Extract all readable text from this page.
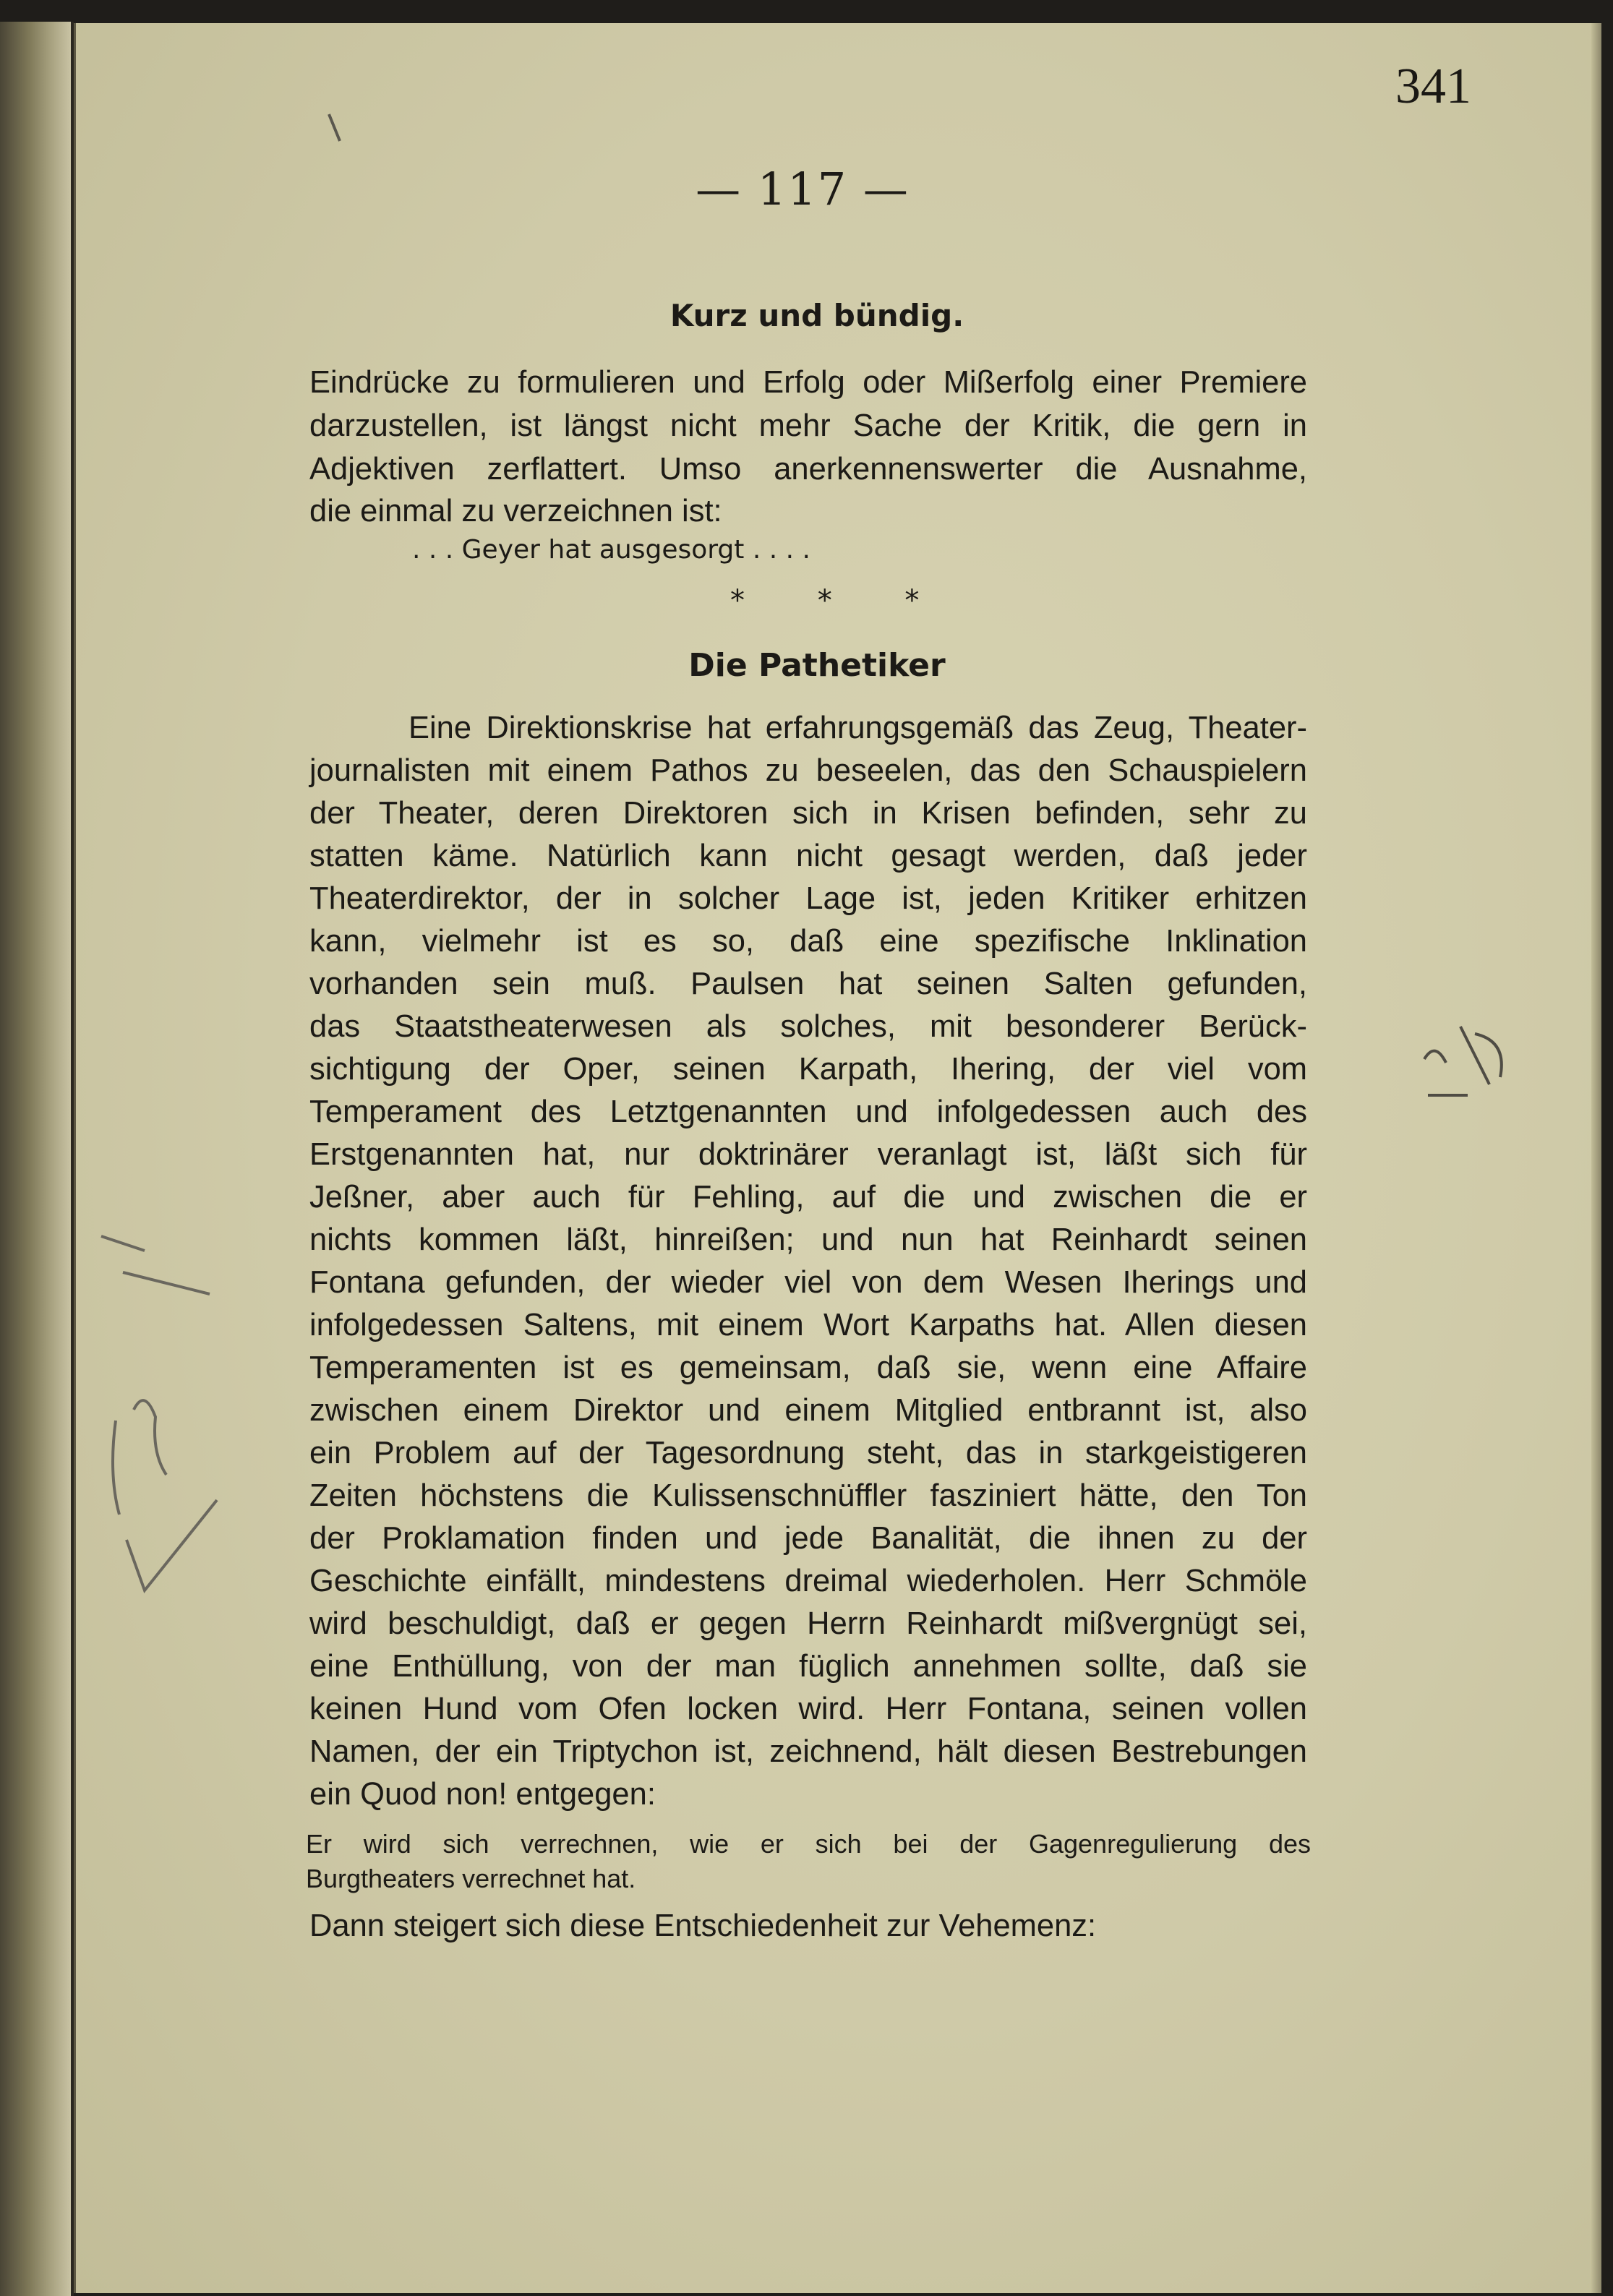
341
— 117 —
Kurz und bündig.
Eindrücke zu formulieren und Erfolg oder Mißerfolg einer Premiere
darzustellen, ist längst nicht mehr Sache der Kritik, die gern in
Adjektiven zerflattert. Umso anerkennenswerter die Ausnahme,
die einmal zu verzeichnen ist:
. . . Geyer hat ausgesorgt . . . .
* * *
Die Pathetiker
Eine Direktionskrise hat erfahrungsgemäß das Zeug, Theater-
journalisten mit einem Pathos zu beseelen, das den Schauspielern
der Theater, deren Direktoren sich in Krisen befinden, sehr zu
statten käme. Natürlich kann nicht gesagt werden, daß jeder
Theaterdirektor, der in solcher Lage ist, jeden Kritiker erhitzen
kann, vielmehr ist es so, daß eine spezifische Inklination
vorhanden sein muß. Paulsen hat seinen Salten gefunden,
das Staatstheaterwesen als solches, mit besonderer Berück-
sichtigung der Oper, seinen Karpath, Ihering, der viel vom
Temperament des Letztgenannten und infolgedessen auch des
Erstgenannten hat, nur doktrinärer veranlagt ist, läßt sich für
Jeßner, aber auch für Fehling, auf die und zwischen die er
nichts kommen läßt, hinreißen; und nun hat Reinhardt seinen
Fontana gefunden, der wieder viel von dem Wesen Iherings und
infolgedessen Saltens, mit einem Wort Karpaths hat. Allen diesen
Temperamenten ist es gemeinsam, daß sie, wenn eine Affaire
zwischen einem Direktor und einem Mitglied entbrannt ist, also
ein Problem auf der Tagesordnung steht, das in starkgeistigeren
Zeiten höchstens die Kulissenschnüffler fasziniert hätte, den Ton
der Proklamation finden und jede Banalität, die ihnen zu der
Geschichte einfällt, mindestens dreimal wiederholen. Herr Schmöle
wird beschuldigt, daß er gegen Herrn Reinhardt mißvergnügt sei,
eine Enthüllung, von der man füglich annehmen sollte, daß sie
keinen Hund vom Ofen locken wird. Herr Fontana, seinen vollen
Namen, der ein Triptychon ist, zeichnend, hält diesen Bestrebungen
ein Quod non! entgegen:
Er wird sich verrechnen, wie er sich bei der Gagenregulierung des
Burgtheaters verrechnet hat.
Dann steigert sich diese Entschiedenheit zur Vehemenz:
